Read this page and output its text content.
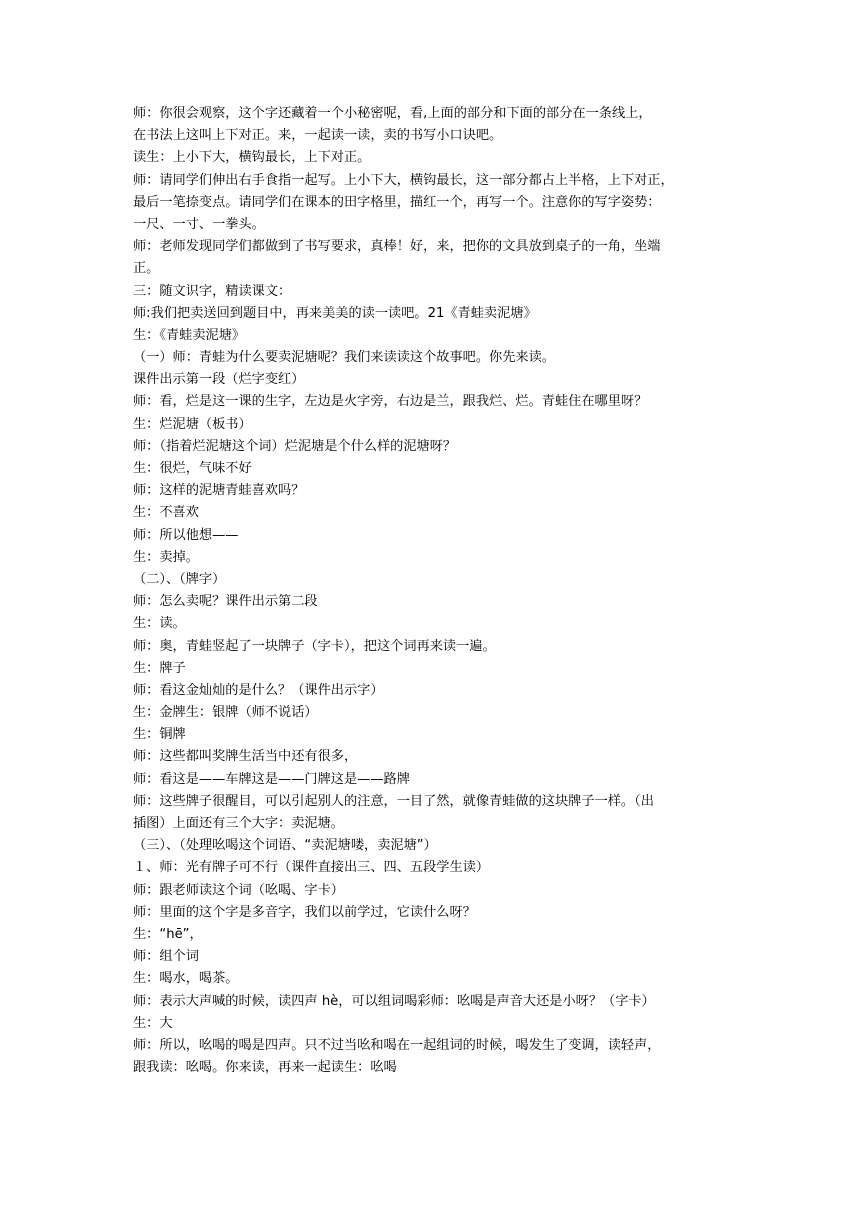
师：你很会观察，这个字还藏着一个小秘密呢，看,上面的部分和下面的部分在一条线上，
在书法上这叫上下对正。来，一起读一读，卖的书写小口诀吧。
读生：上小下大，横钩最长，上下对正。
师：请同学们伸出右手食指一起写。上小下大，横钩最长，这一部分都占上半格，上下对正，
最后一笔捺变点。请同学们在课本的田字格里，描红一个，再写一个。注意你的写字姿势：
一尺、一寸、一拳头。
师：老师发现同学们都做到了书写要求，真棒！好，来，把你的文具放到桌子的一角，坐端
正。
三：随文识字，精读课文：
师:我们把卖送回到题目中，再来美美的读一读吧。21《青蛙卖泥塘》
生：《青蛙卖泥塘》
（一）师：青蛙为什么要卖泥塘呢？我们来读读这个故事吧。你先来读。
课件出示第一段（烂字变红）
师：看，烂是这一课的生字，左边是火字旁，右边是兰，跟我烂、烂。青蛙住在哪里呀？
生：烂泥塘（板书）
师：（指着烂泥塘这个词）烂泥塘是个什么样的泥塘呀？
生：很烂，气味不好
师：这样的泥塘青蛙喜欢吗？
生：不喜欢
师：所以他想——
生：卖掉。
（二）、（牌字）
师：怎么卖呢？课件出示第二段
生：读。
师：奥，青蛙竖起了一块牌子（字卡），把这个词再来读一遍。
生：牌子
师：看这金灿灿的是什么？（课件出示字）
生：金牌生：银牌（师不说话）
生：铜牌
师：这些都叫奖牌生活当中还有很多，
师：看这是——车牌这是——门牌这是——路牌
师：这些牌子很醒目，可以引起别人的注意，一目了然，就像青蛙做的这块牌子一样。（出
插图）上面还有三个大字：卖泥塘。
（三）、（处理吆喝这个词语、“卖泥塘喽，卖泥塘”）
１、师：光有牌子可不行（课件直接出三、四、五段学生读）
师：跟老师读这个词（吆喝、字卡）
师：里面的这个字是多音字，我们以前学过，它读什么呀？
生：“hē”，
师：组个词
生：喝水，喝茶。
师：表示大声喊的时候，读四声 hè，可以组词喝彩师：吆喝是声音大还是小呀？（字卡）
生：大
师：所以，吆喝的喝是四声。只不过当吆和喝在一起组词的时候，喝发生了变调，读轻声，
跟我读：吆喝。你来读，再来一起读生：吆喝
